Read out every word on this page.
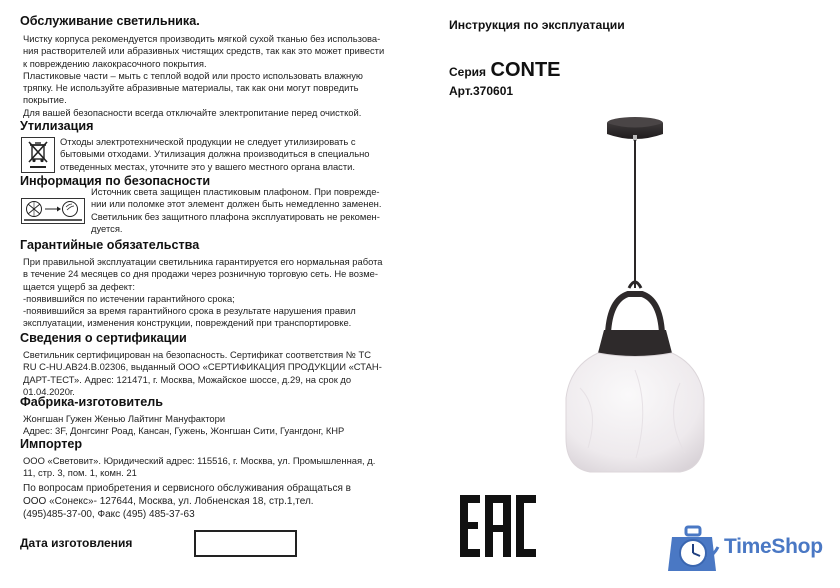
Обслуживание светильника.
Чистку корпуса рекомендуется производить мягкой сухой тканью без использова-
ния растворителей или абразивных чистящих средств, так как это может привести
к повреждению лакокрасочного покрытия.
Пластиковые части – мыть с теплой водой или просто использовать влажную
тряпку. Не используйте абразивные материалы, так как они могут повредить
покрытие.
Для вашей безопасности всегда отключайте электропитание перед очисткой.
Утилизация
Отходы электротехнической продукции не следует утилизировать с
бытовыми отходами. Утилизация должна производиться в специально
отведенных местах, уточните это у вашего местного органа власти.
Информация по безопасности
Источник света защищен пластиковым плафоном. При поврежде-
нии или поломке этот элемент должен быть немедленно заменен.
Светильник без защитного плафона эксплуатировать не рекомен-
дуется.
Гарантийные обязательства
При правильной эксплуатации светильника гарантируется его нормальная работа
в течение 24 месяцев со дня продажи через розничную торговую сеть. Не возме-
щается ущерб за дефект:
-появившийся по истечении гарантийного срока;
-появившийся за время гарантийного срока в результате нарушения правил
эксплуатации, изменения конструкции, повреждений при транспортировке.
Сведения о сертификации
Светильник сертифицирован на безопасность. Сертификат соответствия № ТС
RU C-HU.АВ24.В.02306, выданный ООО «СЕРТИФИКАЦИЯ ПРОДУКЦИИ «СТАН-
ДАРТ-ТЕСТ». Адрес: 121471, г. Москва, Можайское шоссе, д.29, на срок до
01.04.2020г.
Фабрика-изготовитель
Жонгшан Гужен Женью Лайтинг Мануфактори
Адрес: 3F, Донгсинг Роад, Кансан, Гужень, Жонгшан Сити, Гуангдонг, КНР
Импортер
ООО «Световит». Юридический адрес: 115516, г. Москва, ул. Промышленная, д.
11, стр. 3, пом. 1, комн. 21
По вопросам приобретения и сервисного обслуживания обращаться в
ООО «Сонекс»- 127644, Москва, ул. Лобненская 18, стр.1,тел.
(495)485-37-00, Факс (495) 485-37-63
Дата изготовления
Инструкция по эксплуатации
Серия CONTE
Арт.370601
TimeShop
